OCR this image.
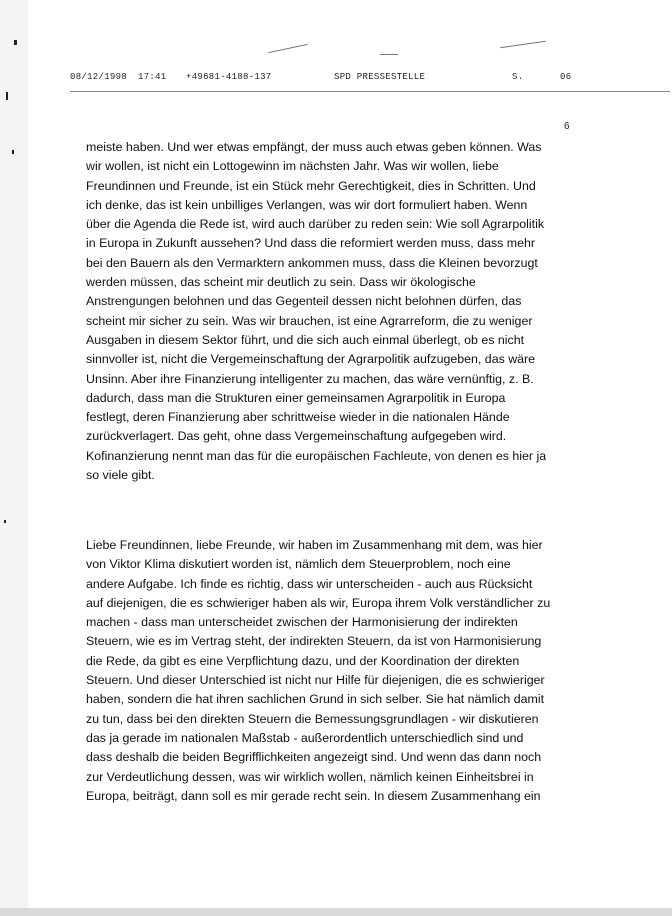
08/12/1998 17:41 +49681-4188-137	SPD PRESSESTELLE	S.	06
6
meiste haben. Und wer etwas empfängt, der muss auch etwas geben können. Was
wir wollen, ist nicht ein Lottogewinn im nächsten Jahr. Was wir wollen, liebe
Freundinnen und Freunde, ist ein Stück mehr Gerechtigkeit, dies in Schritten. Und
ich denke, das ist kein unbilliges Verlangen, was wir dort formuliert haben. Wenn
über die Agenda die Rede ist, wird auch darüber zu reden sein: Wie soll Agrarpolitik
in Europa in Zukunft aussehen? Und dass die reformiert werden muss, dass mehr
bei den Bauern als den Vermarktern ankommen muss, dass die Kleinen bevorzugt
werden müssen, das scheint mir deutlich zu sein. Dass wir ökologische
Anstrengungen belohnen und das Gegenteil dessen nicht belohnen dürfen, das
scheint mir sicher zu sein. Was wir brauchen, ist eine Agrarreform, die zu weniger
Ausgaben in diesem Sektor führt, und die sich auch einmal überlegt, ob es nicht
sinnvoller ist, nicht die Vergemeinschaftung der Agrarpolitik aufzugeben, das wäre
Unsinn. Aber ihre Finanzierung intelligenter zu machen, das wäre vernünftig, z. B.
dadurch, dass man die Strukturen einer gemeinsamen Agrarpolitik in Europa
festlegt, deren Finanzierung aber schrittweise wieder in die nationalen Hände
zurückverlagert. Das geht, ohne dass Vergemeinschaftung aufgegeben wird.
Kofinanzierung nennt man das für die europäischen Fachleute, von denen es hier ja
so viele gibt.
Liebe Freundinnen, liebe Freunde, wir haben im Zusammenhang mit dem, was hier
von Viktor Klima diskutiert worden ist, nämlich dem Steuerproblem, noch eine
andere Aufgabe. Ich finde es richtig, dass wir unterscheiden - auch aus Rücksicht
auf diejenigen, die es schwieriger haben als wir, Europa ihrem Volk verständlicher zu
machen - dass man unterscheidet zwischen der Harmonisierung der indirekten
Steuern, wie es im Vertrag steht, der indirekten Steuern, da ist von Harmonisierung
die Rede, da gibt es eine Verpflichtung dazu, und der Koordination der direkten
Steuern. Und dieser Unterschied ist nicht nur Hilfe für diejenigen, die es schwieriger
haben, sondern die hat ihren sachlichen Grund in sich selber. Sie hat nämlich damit
zu tun, dass bei den direkten Steuern die Bemessungsgrundlagen - wir diskutieren
das ja gerade im nationalen Maßstab - außerordentlich unterschiedlich sind und
dass deshalb die beiden Begrifflichkeiten angezeigt sind. Und wenn das dann noch
zur Verdeutlichung dessen, was wir wirklich wollen, nämlich keinen Einheitsbrei in
Europa, beiträgt, dann soll es mir gerade recht sein. In diesem Zusammenhang ein
